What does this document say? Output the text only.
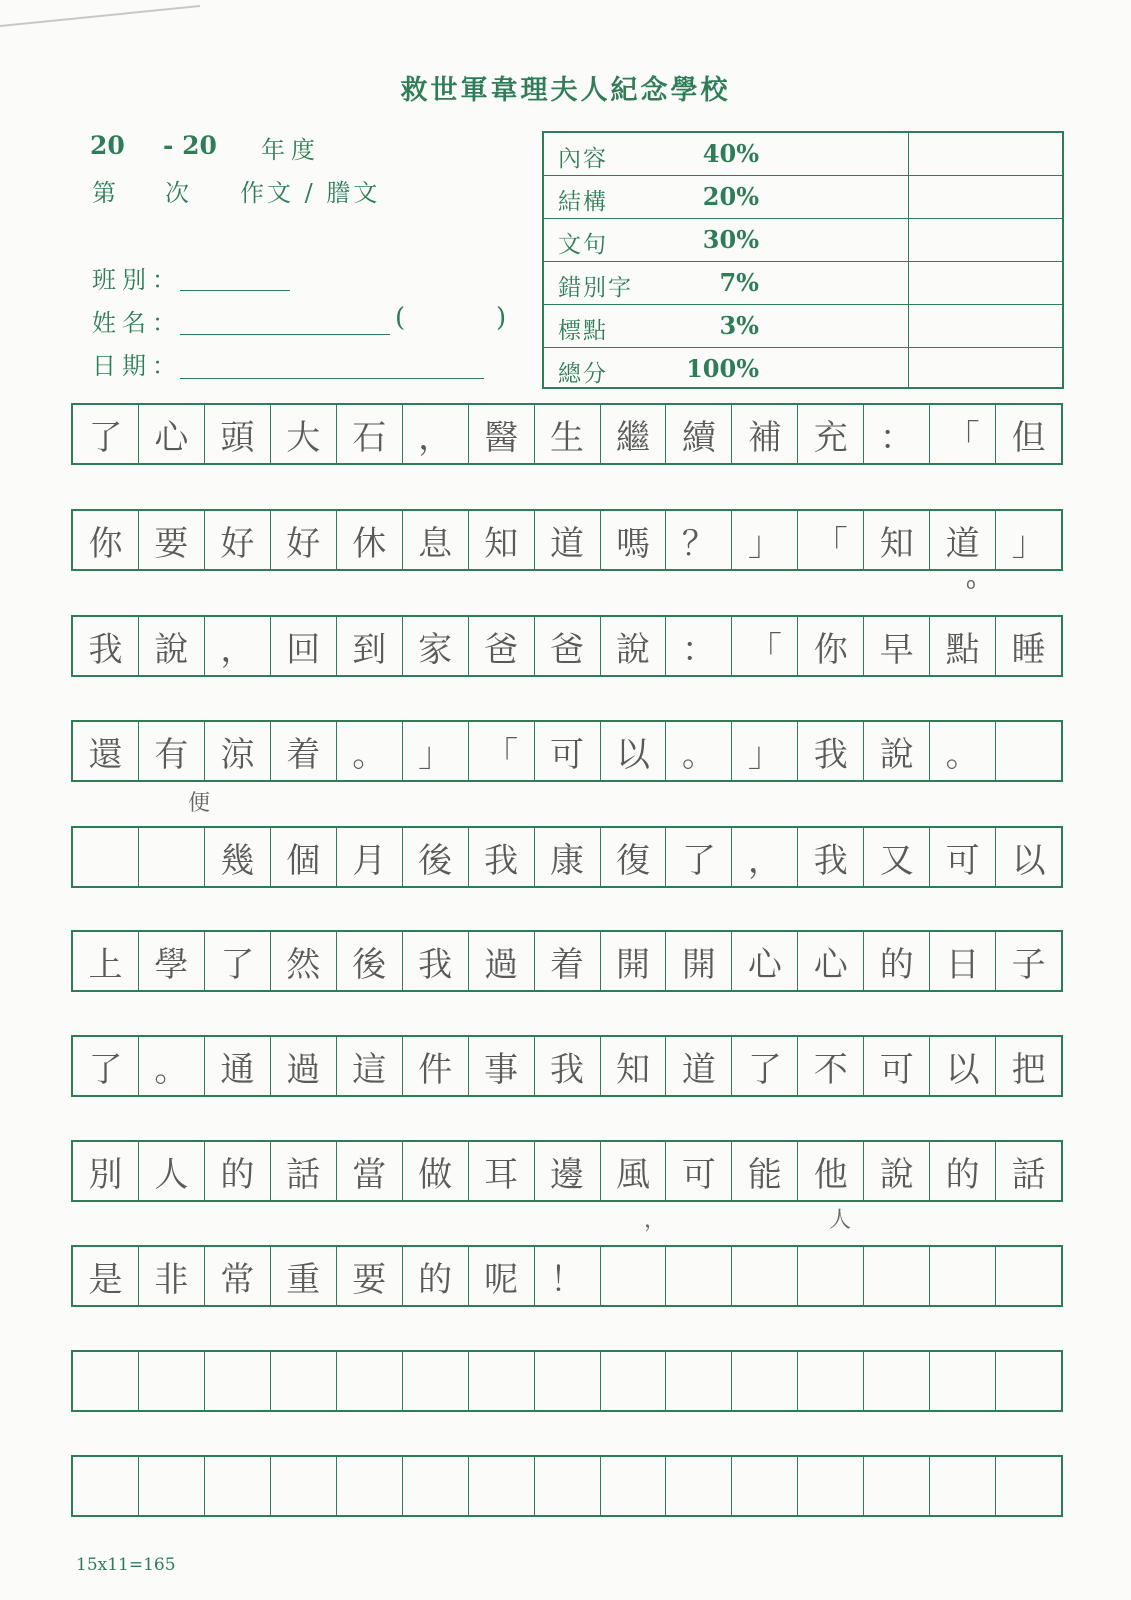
救世軍韋理夫人紀念學校
20 - 20 年度
第 次 作文 / 謄文
班別：
姓名：	(           )
日期：
內容	40%
結構	20%
文句	30%
錯別字	7%
標點	3%
總分	100%
了 心 頭 大 石 ， 醫 生 繼 續 補 充 ： 「 但
你 要 好 好 休 息 知 道 嗎 ？ 」 「 知 道 」
我 說 ， 回 到 家 爸 爸 說 ： 「 你 早 點 睡
還 有 涼 着 。 」 「 可 以 。 」 我 說 。
幾 個 月 後 我 康 復 了 ， 我 又 可 以
上 學 了 然 後 我 過 着 開 開 心 心 的 日 子
了 。 通 過 這 件 事 我 知 道 了 不 可 以 把
別 人 的 話 當 做 耳 邊 風 可 能 他 說 的 話
是 非 常 重 要 的 呢 ！
o
便
，	人
15x11=165
